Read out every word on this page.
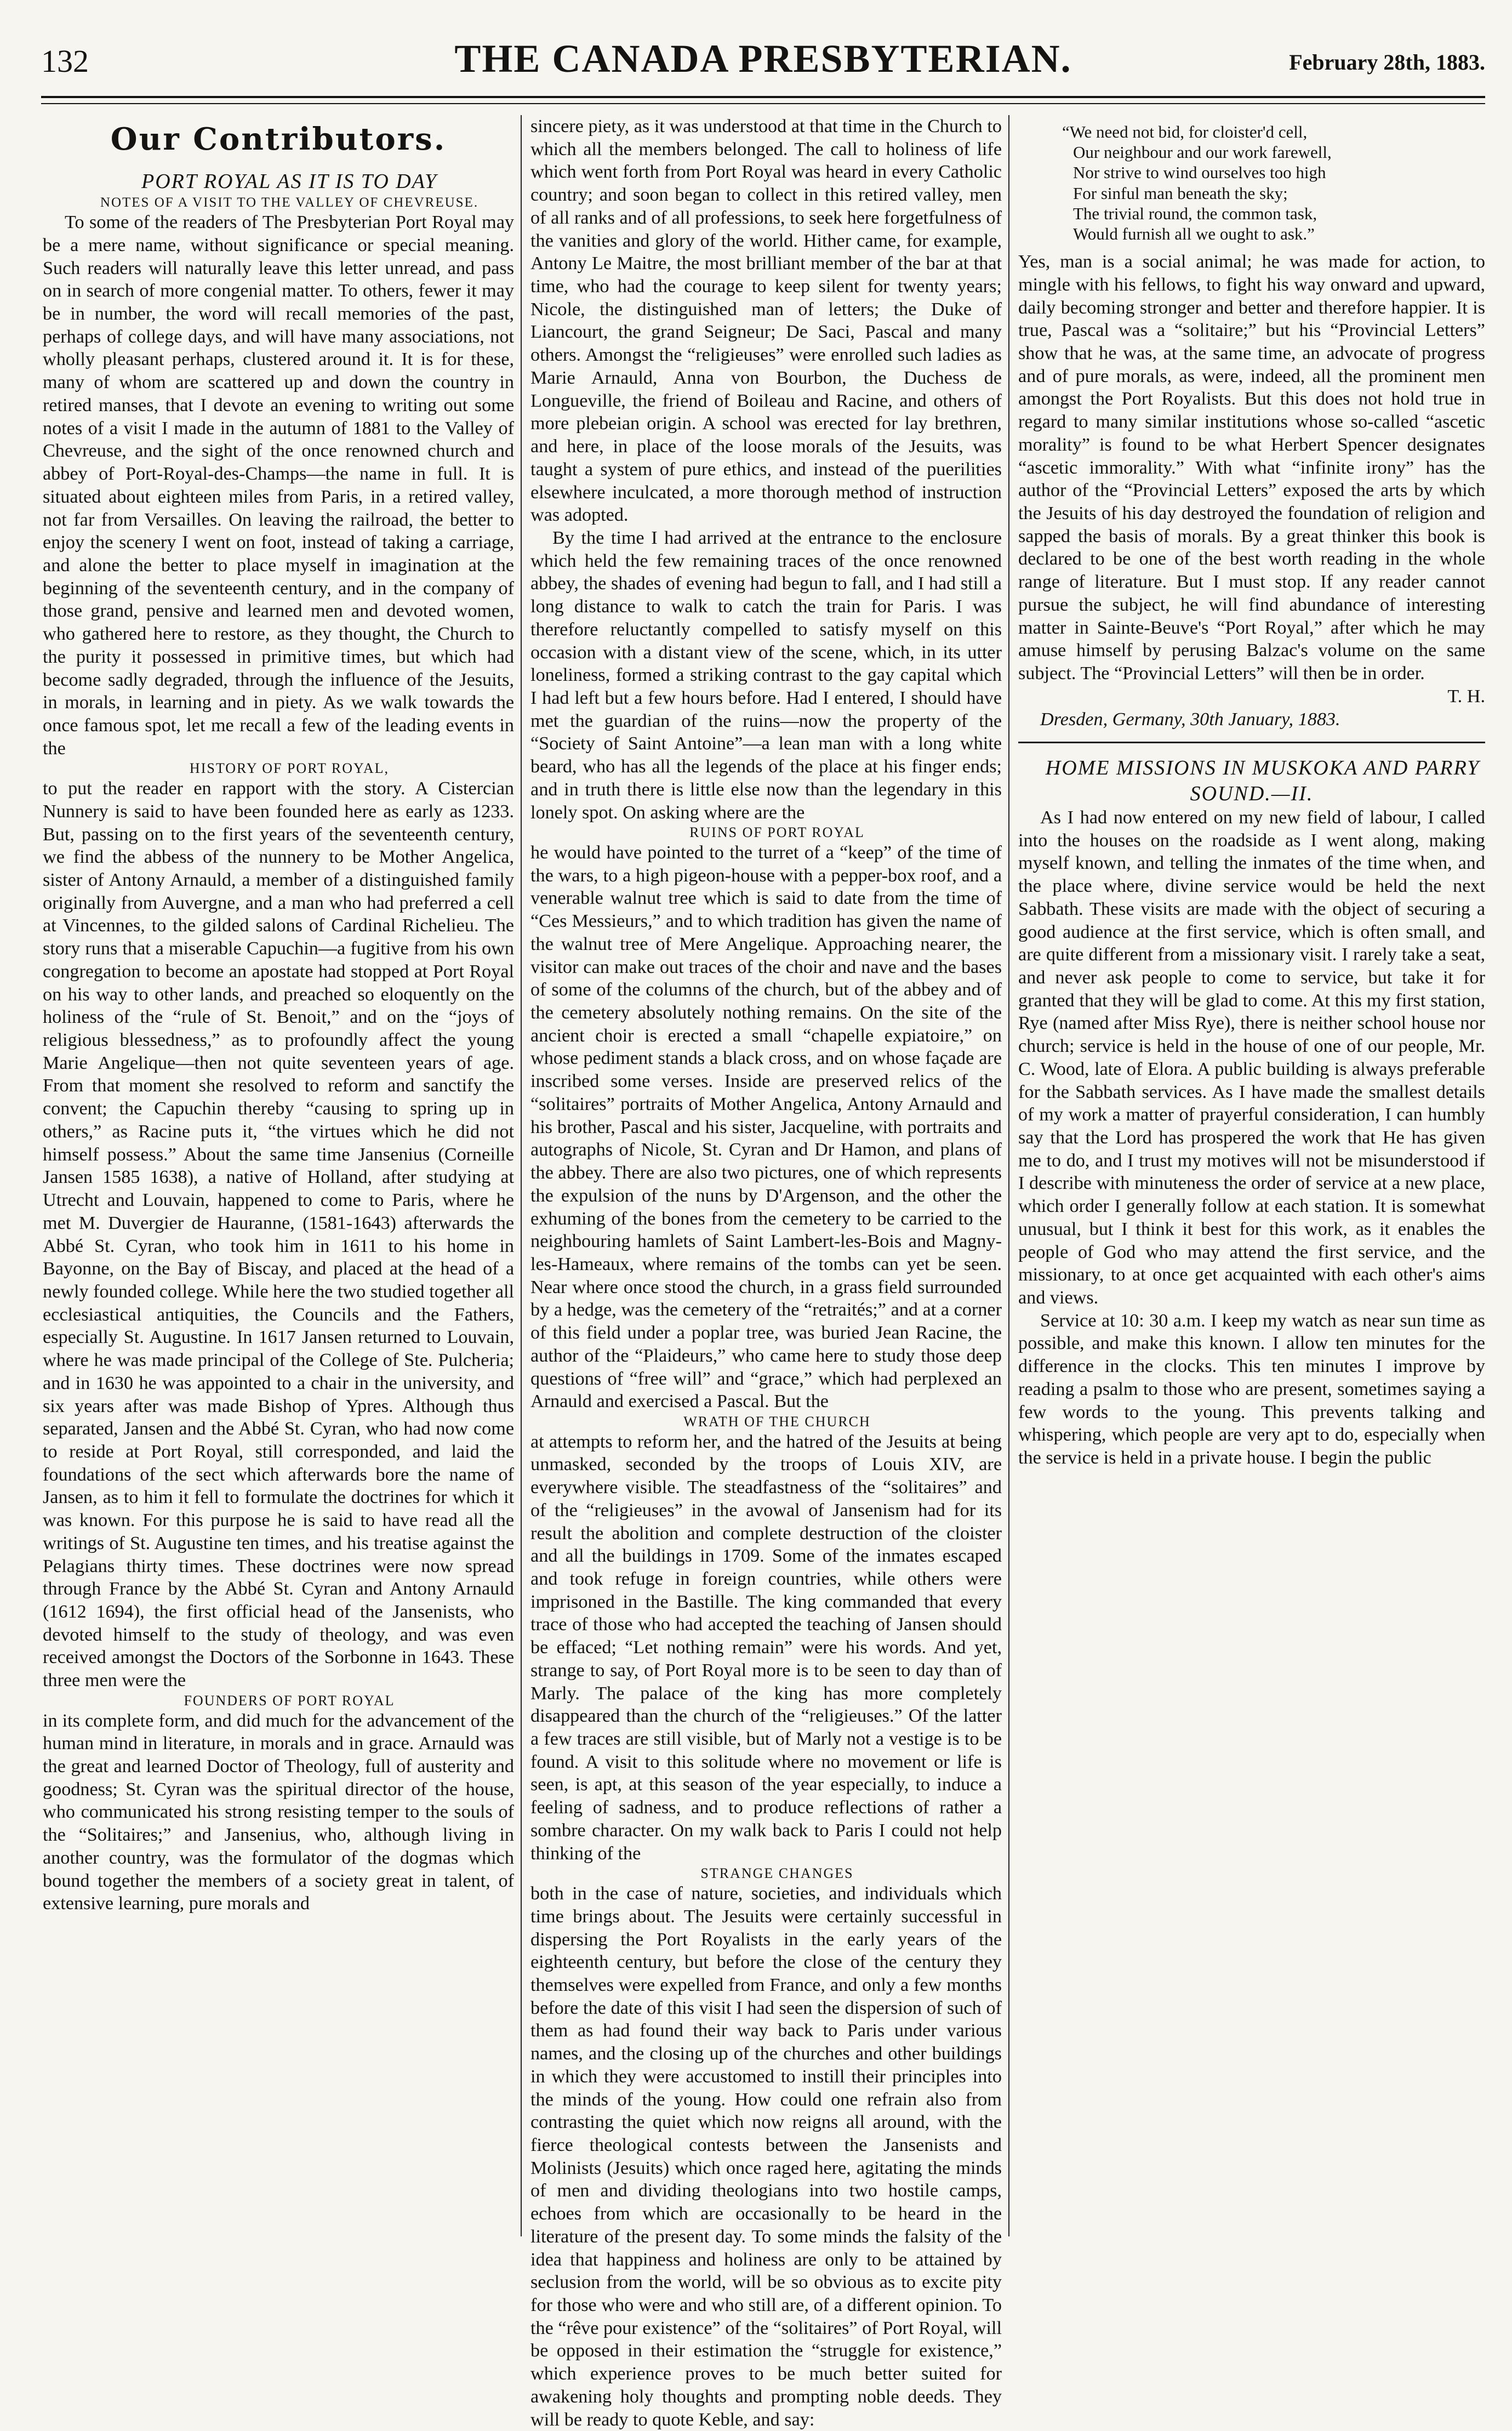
132	THE CANADA PRESBYTERIAN.	February 28th, 1883.
Our Contributors.

PORT ROYAL AS IT IS TO DAY

NOTES OF A VISIT TO THE VALLEY OF CHEVREUSE.

To some of the readers of The Presbyterian Port Royal may be a mere name, without significance or special meaning. Such readers will naturally leave this letter unread, and pass on in search of more congenial matter. To others, fewer it may be in number, the word will recall memories of the past, perhaps of college days, and will have many associations, not wholly pleasant perhaps, clustered around it. It is for these, many of whom are scattered up and down the country in retired manses, that I devote an evening to writing out some notes of a visit I made in the autumn of 1881 to the Valley of Chevreuse, and the sight of the once renowned church and abbey of Port-Royal-des-Champs—the name in full. It is situated about eighteen miles from Paris, in a retired valley, not far from Versailles. On leaving the railroad, the better to enjoy the scenery I went on foot, instead of taking a carriage, and alone the better to place myself in imagination at the beginning of the seventeenth century, and in the company of those grand, pensive and learned men and devoted women, who gathered here to restore, as they thought, the Church to the purity it possessed in primitive times, but which had become sadly degraded, through the influence of the Jesuits, in morals, in learning and in piety. As we walk towards the once famous spot, let me recall a few of the leading events in the

HISTORY OF PORT ROYAL,

to put the reader en rapport with the story. A Cistercian Nunnery is said to have been founded here as early as 1233. But, passing on to the first years of the seventeenth century, we find the abbess of the nunnery to be Mother Angelica, sister of Antony Arnauld, a member of a distinguished family originally from Auvergne, and a man who had preferred a cell at Vincennes, to the gilded salons of Cardinal Richelieu. The story runs that a miserable Capuchin—a fugitive from his own congregation to become an apostate had stopped at Port Royal on his way to other lands, and preached so eloquently on the holiness of the “rule of St. Benoit,” and on the “joys of religious blessedness,” as to profoundly affect the young Marie Angelique—then not quite seventeen years of age. From that moment she resolved to reform and sanctify the convent; the Capuchin thereby “causing to spring up in others,” as Racine puts it, “the virtues which he did not himself possess.” About the same time Jansenius (Corneille Jansen 1585 1638), a native of Holland, after studying at Utrecht and Louvain, happened to come to Paris, where he met M. Duvergier de Hauranne, (1581-1643) afterwards the Abbé St. Cyran, who took him in 1611 to his home in Bayonne, on the Bay of Biscay, and placed at the head of a newly founded college. While here the two studied together all ecclesiastical antiquities, the Councils and the Fathers, especially St. Augustine. In 1617 Jansen returned to Louvain, where he was made principal of the College of Ste. Pulcheria; and in 1630 he was appointed to a chair in the university, and six years after was made Bishop of Ypres. Although thus separated, Jansen and the Abbé St. Cyran, who had now come to reside at Port Royal, still corresponded, and laid the foundations of the sect which afterwards bore the name of Jansen, as to him it fell to formulate the doctrines for which it was known. For this purpose he is said to have read all the writings of St. Augustine ten times, and his treatise against the Pelagians thirty times. These doctrines were now spread through France by the Abbé St. Cyran and Antony Arnauld (1612 1694), the first official head of the Jansenists, who devoted himself to the study of theology, and was even received amongst the Doctors of the Sorbonne in 1643. These three men were the

FOUNDERS OF PORT ROYAL

in its complete form, and did much for the advancement of the human mind in literature, in morals and in grace. Arnauld was the great and learned Doctor of Theology, full of austerity and goodness; St. Cyran was the spiritual director of the house, who communicated his strong resisting temper to the souls of the “Solitaires;” and Jansenius, who, although living in another country, was the formulator of the dogmas which bound together the members of a society great in talent, of extensive learning, pure morals and

sincere piety, as it was understood at that time in the Church to which all the members belonged. The call to holiness of life which went forth from Port Royal was heard in every Catholic country; and soon began to collect in this retired valley, men of all ranks and of all professions, to seek here forgetfulness of the vanities and glory of the world. Hither came, for example, Antony Le Maitre, the most brilliant member of the bar at that time, who had the courage to keep silent for twenty years; Nicole, the distinguished man of letters; the Duke of Liancourt, the grand Seigneur; De Saci, Pascal and many others. Amongst the “religieuses” were enrolled such ladies as Marie Arnauld, Anna von Bourbon, the Duchess de Longueville, the friend of Boileau and Racine, and others of more plebeian origin. A school was erected for lay brethren, and here, in place of the loose morals of the Jesuits, was taught a system of pure ethics, and instead of the puerilities elsewhere inculcated, a more thorough method of instruction was adopted.

By the time I had arrived at the entrance to the enclosure which held the few remaining traces of the once renowned abbey, the shades of evening had begun to fall, and I had still a long distance to walk to catch the train for Paris. I was therefore reluctantly compelled to satisfy myself on this occasion with a distant view of the scene, which, in its utter loneliness, formed a striking contrast to the gay capital which I had left but a few hours before. Had I entered, I should have met the guardian of the ruins—now the property of the “Society of Saint Antoine”—a lean man with a long white beard, who has all the legends of the place at his finger ends; and in truth there is little else now than the legendary in this lonely spot. On asking where are the

RUINS OF PORT ROYAL

he would have pointed to the turret of a “keep” of the time of the wars, to a high pigeon-house with a pepper-box roof, and a venerable walnut tree which is said to date from the time of “Ces Messieurs,” and to which tradition has given the name of the walnut tree of Mere Angelique. Approaching nearer, the visitor can make out traces of the choir and nave and the bases of some of the columns of the church, but of the abbey and of the cemetery absolutely nothing remains. On the site of the ancient choir is erected a small “chapelle expiatoire,” on whose pediment stands a black cross, and on whose façade are inscribed some verses. Inside are preserved relics of the “solitaires” portraits of Mother Angelica, Antony Arnauld and his brother, Pascal and his sister, Jacqueline, with portraits and autographs of Nicole, St. Cyran and Dr Hamon, and plans of the abbey. There are also two pictures, one of which represents the expulsion of the nuns by D'Argenson, and the other the exhuming of the bones from the cemetery to be carried to the neighbouring hamlets of Saint Lambert-les-Bois and Magny-les-Hameaux, where remains of the tombs can yet be seen. Near where once stood the church, in a grass field surrounded by a hedge, was the cemetery of the “retraités;” and at a corner of this field under a poplar tree, was buried Jean Racine, the author of the “Plaideurs,” who came here to study those deep questions of “free will” and “grace,” which had perplexed an Arnauld and exercised a Pascal. But the

WRATH OF THE CHURCH

at attempts to reform her, and the hatred of the Jesuits at being unmasked, seconded by the troops of Louis XIV, are everywhere visible. The steadfastness of the “solitaires” and of the “religieuses” in the avowal of Jansenism had for its result the abolition and complete destruction of the cloister and all the buildings in 1709. Some of the inmates escaped and took refuge in foreign countries, while others were imprisoned in the Bastille. The king commanded that every trace of those who had accepted the teaching of Jansen should be effaced; “Let nothing remain” were his words. And yet, strange to say, of Port Royal more is to be seen to day than of Marly. The palace of the king has more completely disappeared than the church of the “religieuses.” Of the latter a few traces are still visible, but of Marly not a vestige is to be found. A visit to this solitude where no movement or life is seen, is apt, at this season of the year especially, to induce a feeling of sadness, and to produce reflections of rather a sombre character. On my walk back to Paris I could not help thinking of the

STRANGE CHANGES

both in the case of nature, societies, and individuals which time brings about. The Jesuits were certainly successful in dispersing the Port Royalists in the early years of the eighteenth century, but before the close of the century they themselves were expelled from France, and only a few months before the date of this visit I had seen the dispersion of such of them as had found their way back to Paris under various names, and the closing up of the churches and other buildings in which they were accustomed to instill their principles into the minds of the young. How could one refrain also from contrasting the quiet which now reigns all around, with the fierce theological contests between the Jansenists and Molinists (Jesuits) which once raged here, agitating the minds of men and dividing theologians into two hostile camps, echoes from which are occasionally to be heard in the literature of the present day. To some minds the falsity of the idea that happiness and holiness are only to be attained by seclusion from the world, will be so obvious as to excite pity for those who were and who still are, of a different opinion. To the “rêve pour existence” of the “solitaires” of Port Royal, will be opposed in their estimation the “struggle for existence,” which experience proves to be much better suited for awakening holy thoughts and prompting noble deeds. They will be ready to quote Keble, and say:

“We need not bid, for cloister'd cell,
Our neighbour and our work farewell,
Nor strive to wind ourselves too high
For sinful man beneath the sky;
The trivial round, the common task,
Would furnish all we ought to ask.”

Yes, man is a social animal; he was made for action, to mingle with his fellows, to fight his way onward and upward, daily becoming stronger and better and therefore happier. It is true, Pascal was a “solitaire;” but his “Provincial Letters” show that he was, at the same time, an advocate of progress and of pure morals, as were, indeed, all the prominent men amongst the Port Royalists. But this does not hold true in regard to many similar institutions whose so-called “ascetic morality” is found to be what Herbert Spencer designates “ascetic immorality.” With what “infinite irony” has the author of the “Provincial Letters” exposed the arts by which the Jesuits of his day destroyed the foundation of religion and sapped the basis of morals. By a great thinker this book is declared to be one of the best worth reading in the whole range of literature. But I must stop. If any reader cannot pursue the subject, he will find abundance of interesting matter in Sainte-Beuve's “Port Royal,” after which he may amuse himself by perusing Balzac's volume on the same subject. The “Provincial Letters” will then be in order.

T. H.

Dresden, Germany, 30th January, 1883.

HOME MISSIONS IN MUSKOKA AND PARRY SOUND.—II.

As I had now entered on my new field of labour, I called into the houses on the roadside as I went along, making myself known, and telling the inmates of the time when, and the place where, divine service would be held the next Sabbath. These visits are made with the object of securing a good audience at the first service, which is often small, and are quite different from a missionary visit. I rarely take a seat, and never ask people to come to service, but take it for granted that they will be glad to come. At this my first station, Rye (named after Miss Rye), there is neither school house nor church; service is held in the house of one of our people, Mr. C. Wood, late of Elora. A public building is always preferable for the Sabbath services. As I have made the smallest details of my work a matter of prayerful consideration, I can humbly say that the Lord has prospered the work that He has given me to do, and I trust my motives will not be misunderstood if I describe with minuteness the order of service at a new place, which order I generally follow at each station. It is somewhat unusual, but I think it best for this work, as it enables the people of God who may attend the first service, and the missionary, to at once get acquainted with each other's aims and views.

Service at 10: 30 a.m. I keep my watch as near sun time as possible, and make this known. I allow ten minutes for the difference in the clocks. This ten minutes I improve by reading a psalm to those who are present, sometimes saying a few words to the young. This prevents talking and whispering, which people are very apt to do, especially when the service is held in a private house. I begin the public
